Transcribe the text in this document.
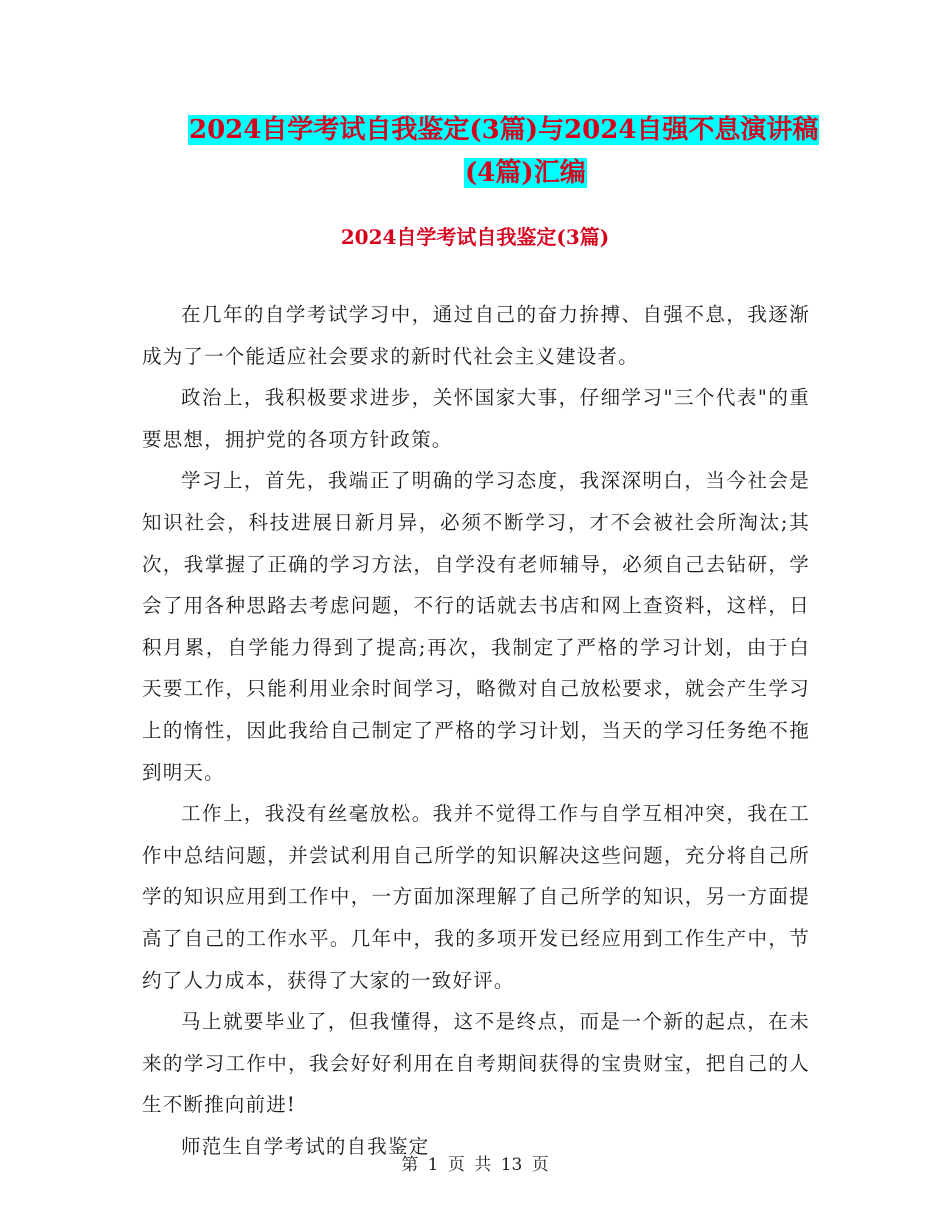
2024自学考试自我鉴定(3篇)与2024自强不息演讲稿
(4篇)汇编
2024自学考试自我鉴定(3篇)

在几年的自学考试学习中，通过自己的奋力拚搏、自强不息，我逐渐成为了一个能适应社会要求的新时代社会主义建设者。

政治上，我积极要求进步，关怀国家大事，仔细学习"三个代表"的重要思想，拥护党的各项方针政策。

学习上，首先，我端正了明确的学习态度，我深深明白，当今社会是知识社会，科技进展日新月异，必须不断学习，才不会被社会所淘汰;其次，我掌握了正确的学习方法，自学没有老师辅导，必须自己去钻研，学会了用各种思路去考虑问题，不行的话就去书店和网上查资料，这样，日积月累，自学能力得到了提高;再次，我制定了严格的学习计划，由于白天要工作，只能利用业余时间学习，略微对自己放松要求，就会产生学习上的惰性，因此我给自己制定了严格的学习计划，当天的学习任务绝不拖到明天。

工作上，我没有丝毫放松。我并不觉得工作与自学互相冲突，我在工作中总结问题，并尝试利用自己所学的知识解决这些问题，充分将自己所学的知识应用到工作中，一方面加深理解了自己所学的知识，另一方面提高了自己的工作水平。几年中，我的多项开发已经应用到工作生产中，节约了人力成本，获得了大家的一致好评。

马上就要毕业了，但我懂得，这不是终点，而是一个新的起点，在未来的学习工作中，我会好好利用在自考期间获得的宝贵财宝，把自己的人生不断推向前进!

师范生自学考试的自我鉴定

第 1 页 共 13 页
